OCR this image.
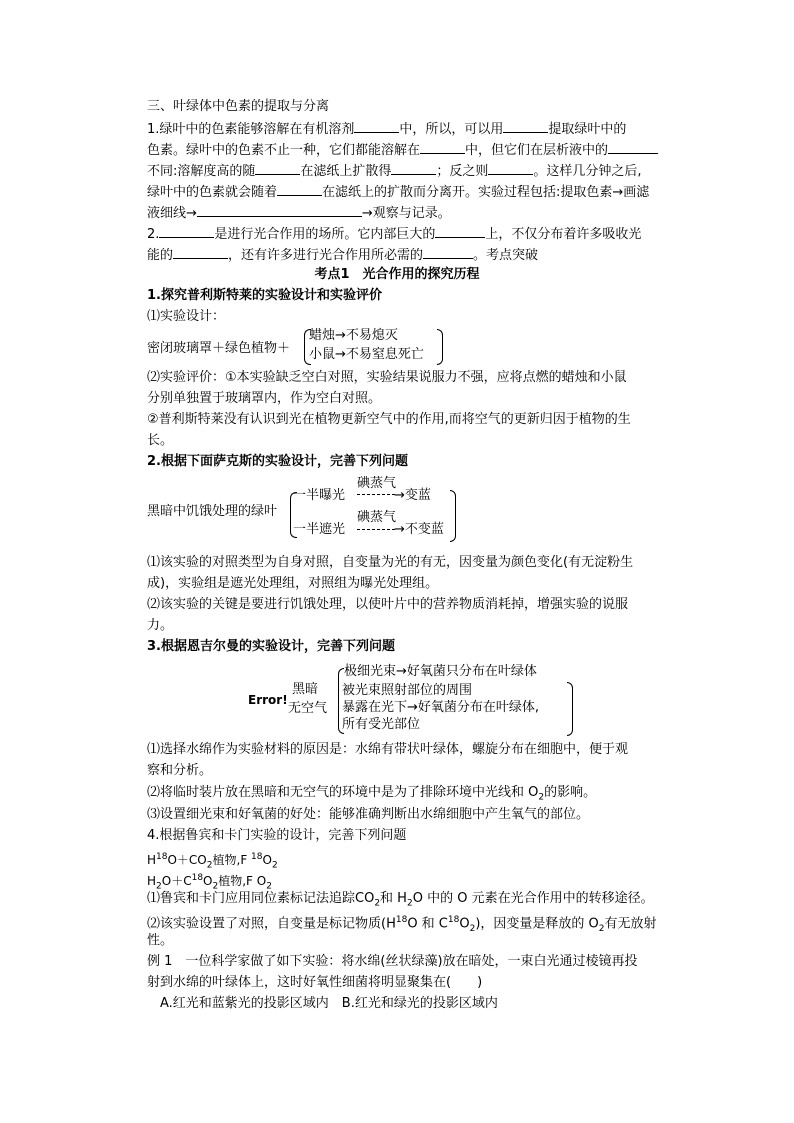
三、叶绿体中色素的提取与分离
1.绿叶中的色素能够溶解在有机溶剂	中，所以，可以用	提取绿叶中的
色素。绿叶中的色素不止一种，它们都能溶解在	中，但它们在层析液中的
不同:溶解度高的随	在滤纸上扩散得	；反之则	。这样几分钟之后,
绿叶中的色素就会随着	在滤纸上的扩散而分离开。实验过程包括:提取色素→画滤
液细线→	→观察与记录。
2.	是进行光合作用的场所。它内部巨大的	上，不仅分布着许多吸收光
能的	，还有许多进行光合作用所必需的	。考点突破
考点1　光合作用的探究历程
1.探究普利斯特莱的实验设计和实验评价
⑴实验设计：
密闭玻璃罩＋绿色植物＋
蜡烛→不易熄灭
小鼠→不易窒息死亡
⑵实验评价：①本实验缺乏空白对照，实验结果说服力不强，应将点燃的蜡烛和小鼠
分别单独置于玻璃罩内，作为空白对照。
②普利斯特莱没有认识到光在植物更新空气中的作用,而将空气的更新归因于植物的生
长。
2.根据下面萨克斯的实验设计，完善下列问题
黑暗中饥饿处理的绿叶
碘蒸气
一半曝光	→变蓝
碘蒸气
一半遮光	→不变蓝
⑴该实验的对照类型为自身对照，自变量为光的有无，因变量为颜色变化(有无淀粉生
成)，实验组是遮光处理组，对照组为曝光处理组。
⑵该实验的关键是要进行饥饿处理，以使叶片中的营养物质消耗掉，增强实验的说服
力。
3.根据恩吉尔曼的实验设计，完善下列问题
Error!
黑暗
无空气
极细光束→好氧菌只分布在叶绿体
被光束照射部位的周围
暴露在光下→好氧菌分布在叶绿体,
所有受光部位
⑴选择水绵作为实验材料的原因是：水绵有带状叶绿体，螺旋分布在细胞中，便于观
察和分析。
⑵将临时装片放在黑暗和无空气的环境中是为了排除环境中光线和 $O_2$的影响。
⑶设置细光束和好氧菌的好处：能够准确判断出水绵细胞中产生氧气的部位。
4.根据鲁宾和卡门实验的设计，完善下列问题
$H^{18}O+CO_2$植物,F $^{18}O_2$
$H_2O+C^{18}O_2$植物,F $O_2$
⑴鲁宾和卡门应用同位素标记法追踪$CO_2$和 $H_2O$ 中的 O 元素在光合作用中的转移途径。
⑵该实验设置了对照，自变量是标记物质($H^{18}O$ 和 $C^{18}O_2$)，因变量是释放的 $O_2$有无放射
性。
例 1　一位科学家做了如下实验：将水绵(丝状绿藻)放在暗处，一束白光通过棱镜再投
射到水绵的叶绿体上，这时好氧性细菌将明显聚集在(　　)
A.红光和蓝紫光的投影区域内　B.红光和绿光的投影区域内
